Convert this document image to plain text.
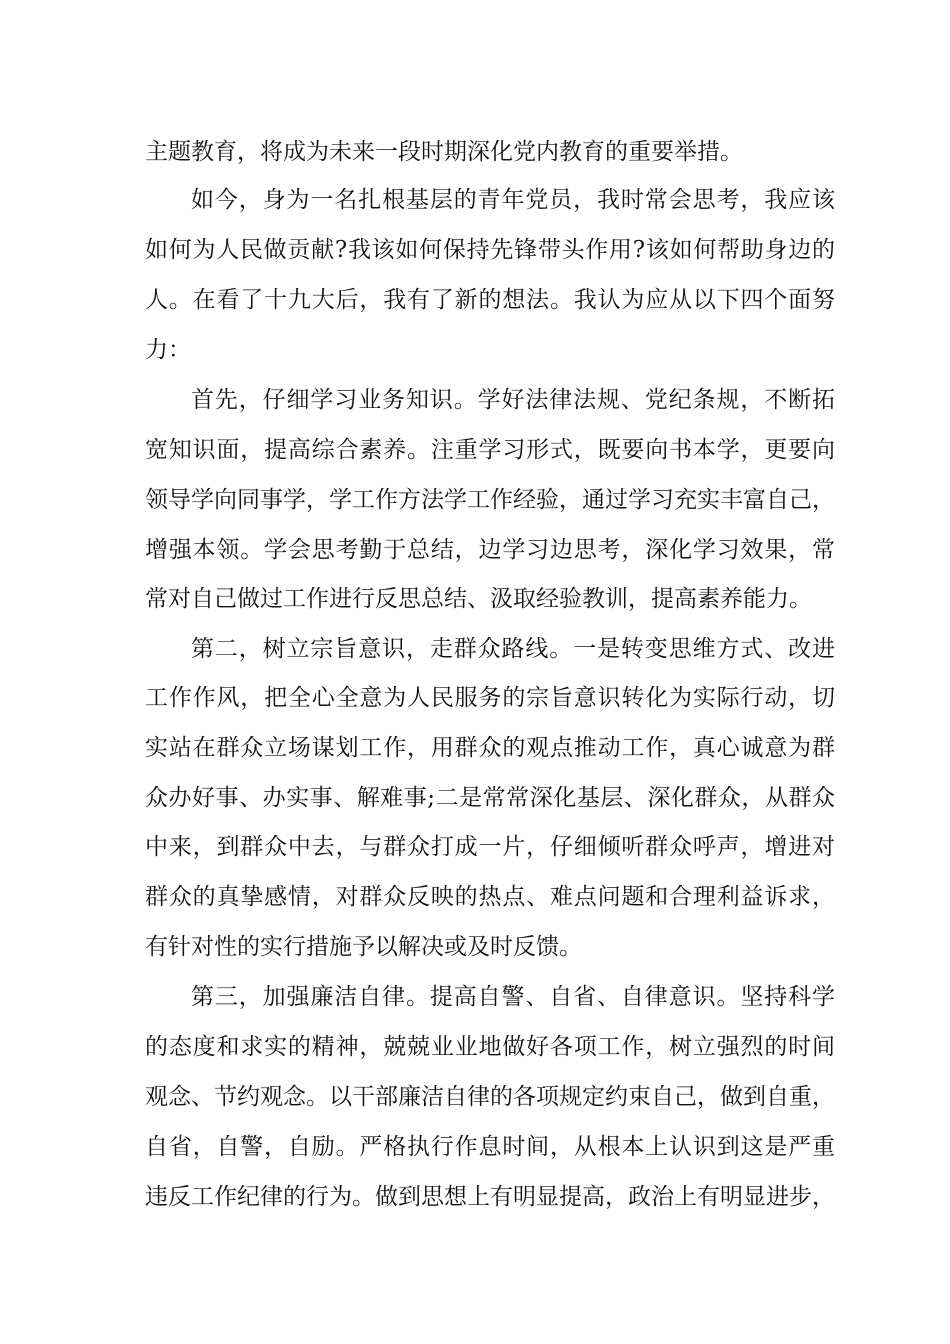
主题教育，将成为未来一段时期深化党内教育的重要举措。
如今，身为一名扎根基层的青年党员，我时常会思考，我应该
如何为人民做贡献?我该如何保持先锋带头作用?该如何帮助身边的
人。在看了十九大后，我有了新的想法。我认为应从以下四个面努
力：
首先，仔细学习业务知识。学好法律法规、党纪条规，不断拓
宽知识面，提高综合素养。注重学习形式，既要向书本学，更要向
领导学向同事学，学工作方法学工作经验，通过学习充实丰富自己，
增强本领。学会思考勤于总结，边学习边思考，深化学习效果，常
常对自己做过工作进行反思总结、汲取经验教训，提高素养能力。
第二，树立宗旨意识，走群众路线。一是转变思维方式、改进
工作作风，把全心全意为人民服务的宗旨意识转化为实际行动，切
实站在群众立场谋划工作，用群众的观点推动工作，真心诚意为群
众办好事、办实事、解难事;二是常常深化基层、深化群众，从群众
中来，到群众中去，与群众打成一片，仔细倾听群众呼声，增进对
群众的真挚感情，对群众反映的热点、难点问题和合理利益诉求，
有针对性的实行措施予以解决或及时反馈。
第三，加强廉洁自律。提高自警、自省、自律意识。坚持科学
的态度和求实的精神，兢兢业业地做好各项工作，树立强烈的时间
观念、节约观念。以干部廉洁自律的各项规定约束自己，做到自重，
自省，自警，自励。严格执行作息时间，从根本上认识到这是严重
违反工作纪律的行为。做到思想上有明显提高，政治上有明显进步，
